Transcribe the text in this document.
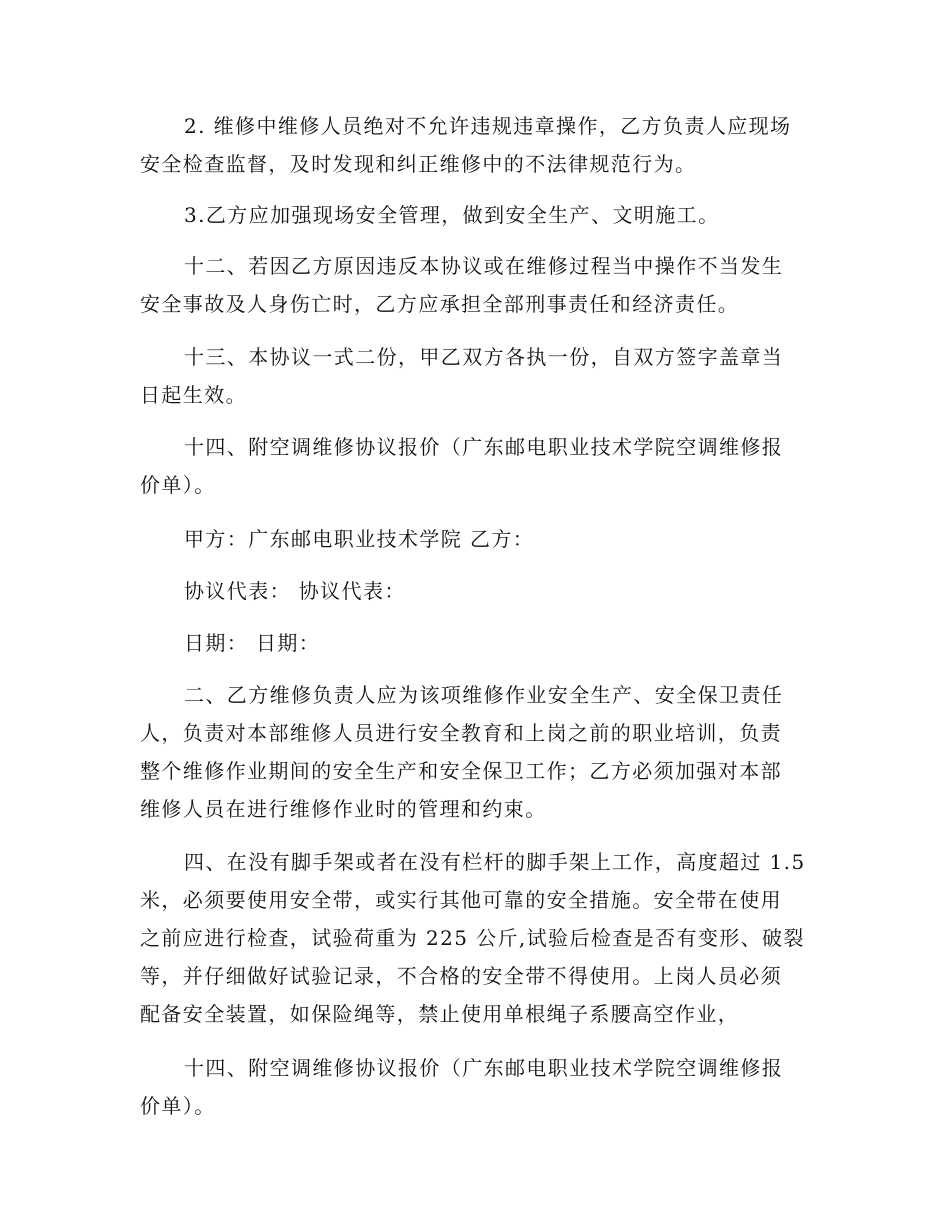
2. 维修中维修人员绝对不允许违规违章操作，乙方负责人应现场
安全检查监督，及时发现和纠正维修中的不法律规范行为。

3.乙方应加强现场安全管理，做到安全生产、文明施工。

十二、若因乙方原因违反本协议或在维修过程当中操作不当发生
安全事故及人身伤亡时，乙方应承担全部刑事责任和经济责任。

十三、本协议一式二份，甲乙双方各执一份，自双方签字盖章当
日起生效。

十四、附空调维修协议报价（广东邮电职业技术学院空调维修报
价单）。

甲方：广东邮电职业技术学院 乙方：

协议代表： 协议代表：

日期： 日期：

二、乙方维修负责人应为该项维修作业安全生产、安全保卫责任
人，负责对本部维修人员进行安全教育和上岗之前的职业培训，负责
整个维修作业期间的安全生产和安全保卫工作；乙方必须加强对本部
维修人员在进行维修作业时的管理和约束。

四、在没有脚手架或者在没有栏杆的脚手架上工作，高度超过 1.5
米，必须要使用安全带，或实行其他可靠的安全措施。安全带在使用
之前应进行检查，试验荷重为 225 公斤,试验后检查是否有变形、破裂
等，并仔细做好试验记录，不合格的安全带不得使用。上岗人员必须
配备安全装置，如保险绳等，禁止使用单根绳子系腰高空作业，

十四、附空调维修协议报价（广东邮电职业技术学院空调维修报
价单）。
